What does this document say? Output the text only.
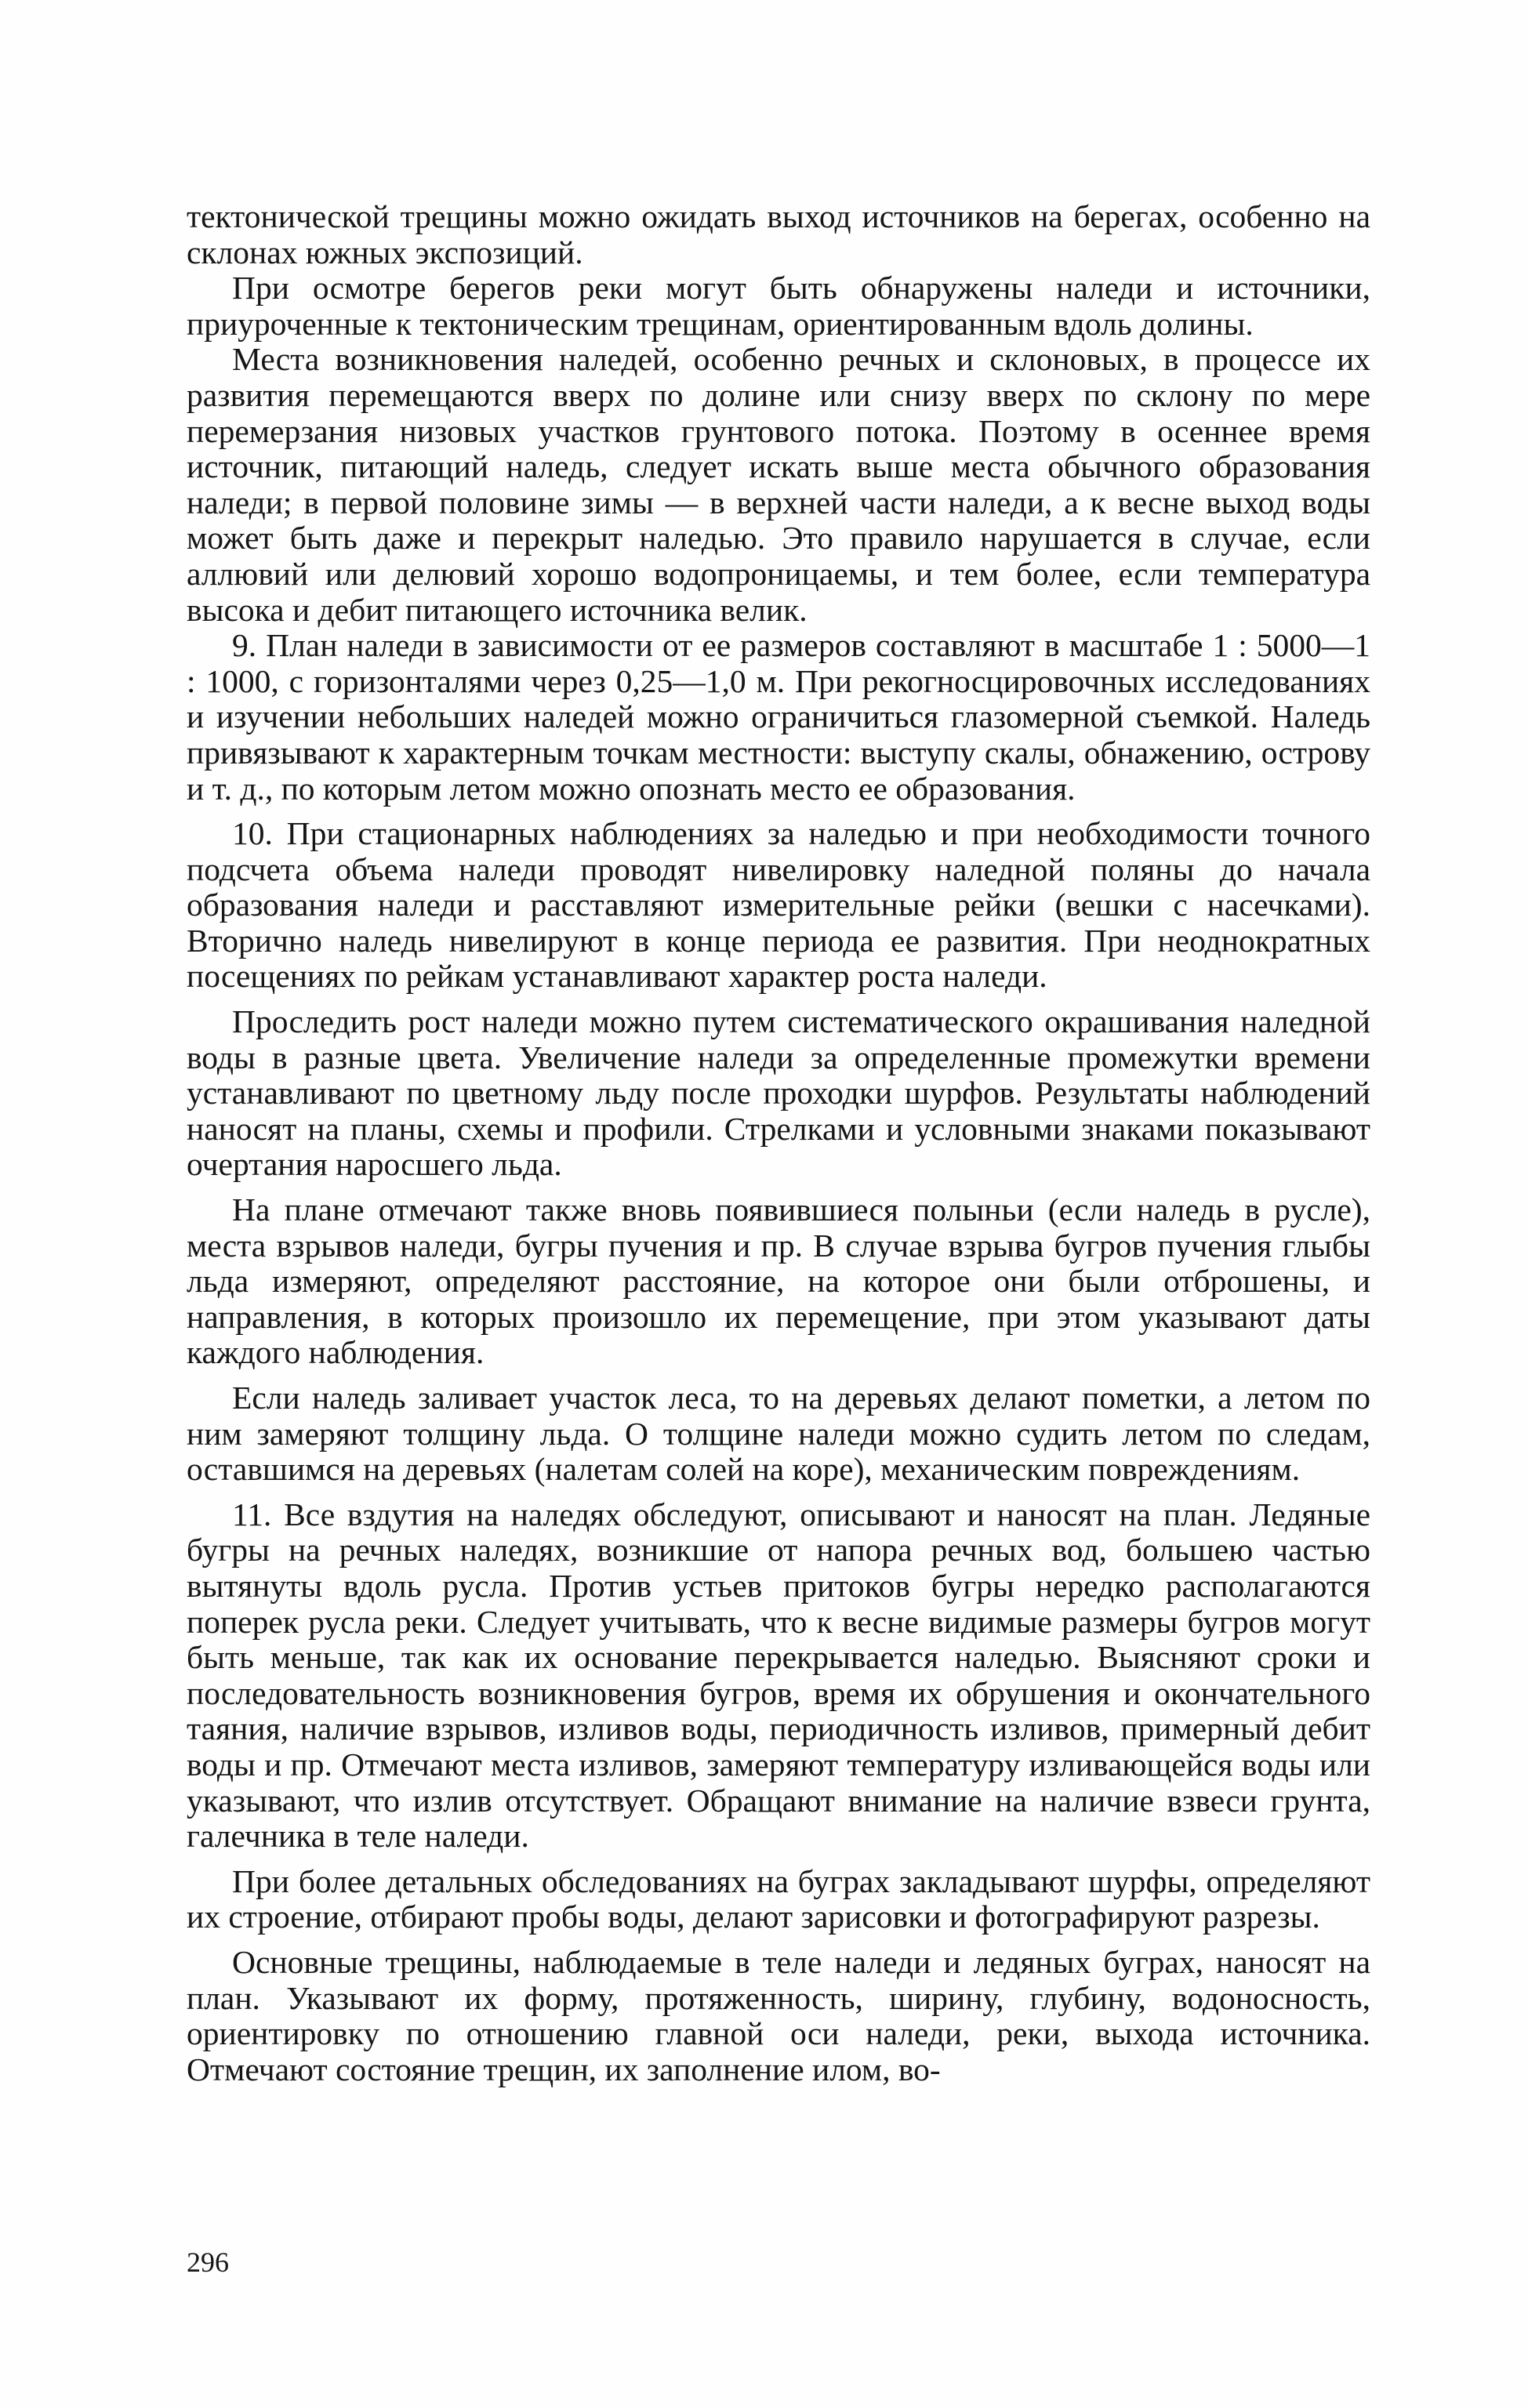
тектонической трещины можно ожидать выход источников на берегах, особенно на склонах южных экспозиций.

При осмотре берегов реки могут быть обнаружены наледи и источники, приуроченные к тектоническим трещинам, ориентированным вдоль долины.

Места возникновения наледей, особенно речных и склоновых, в процессе их развития перемещаются вверх по долине или снизу вверх по склону по мере перемерзания низовых участков грунтового потока. Поэтому в осеннее время источник, питающий наледь, следует искать выше места обычного образования наледи; в первой половине зимы — в верхней части наледи, а к весне выход воды может быть даже и перекрыт наледью. Это правило нарушается в случае, если аллювий или делювий хорошо водопроницаемы, и тем более, если температура высока и дебит питающего источника велик.

9. План наледи в зависимости от ее размеров составляют в масштабе 1 : 5000—1 : 1000, с горизонталями через 0,25—1,0 м. При рекогносцировочных исследованиях и изучении небольших наледей можно ограничиться глазомерной съемкой. Наледь привязывают к характерным точкам местности: выступу скалы, обнажению, острову и т. д., по которым летом можно опознать место ее образования.

10. При стационарных наблюдениях за наледью и при необходимости точного подсчета объема наледи проводят нивелировку наледной поляны до начала образования наледи и расставляют измерительные рейки (вешки с насечками). Вторично наледь нивелируют в конце периода ее развития. При неоднократных посещениях по рейкам устанавливают характер роста наледи.

Проследить рост наледи можно путем систематического окрашивания наледной воды в разные цвета. Увеличение наледи за определенные промежутки времени устанавливают по цветному льду после проходки шурфов. Результаты наблюдений наносят на планы, схемы и профили. Стрелками и условными знаками показывают очертания наросшего льда.

На плане отмечают также вновь появившиеся полыньи (если наледь в русле), места взрывов наледи, бугры пучения и пр. В случае взрыва бугров пучения глыбы льда измеряют, определяют расстояние, на которое они были отброшены, и направления, в которых произошло их перемещение, при этом указывают даты каждого наблюдения.

Если наледь заливает участок леса, то на деревьях делают пометки, а летом по ним замеряют толщину льда. О толщине наледи можно судить летом по следам, оставшимся на деревьях (налетам солей на коре), механическим повреждениям.

11. Все вздутия на наледях обследуют, описывают и наносят на план. Ледяные бугры на речных наледях, возникшие от напора речных вод, большею частью вытянуты вдоль русла. Против устьев притоков бугры нередко располагаются поперек русла реки. Следует учитывать, что к весне видимые размеры бугров могут быть меньше, так как их основание перекрывается наледью. Выясняют сроки и последовательность возникновения бугров, время их обрушения и окончательного таяния, наличие взрывов, изливов воды, периодичность изливов, примерный дебит воды и пр. Отмечают места изливов, замеряют температуру изливающейся воды или указывают, что излив отсутствует. Обращают внимание на наличие взвеси грунта, галечника в теле наледи.

При более детальных обследованиях на буграх закладывают шурфы, определяют их строение, отбирают пробы воды, делают зарисовки и фотографируют разрезы.

Основные трещины, наблюдаемые в теле наледи и ледяных буграх, наносят на план. Указывают их форму, протяженность, ширину, глубину, водоносность, ориентировку по отношению главной оси наледи, реки, выхода источника. Отмечают состояние трещин, их заполнение илом, во-

296
